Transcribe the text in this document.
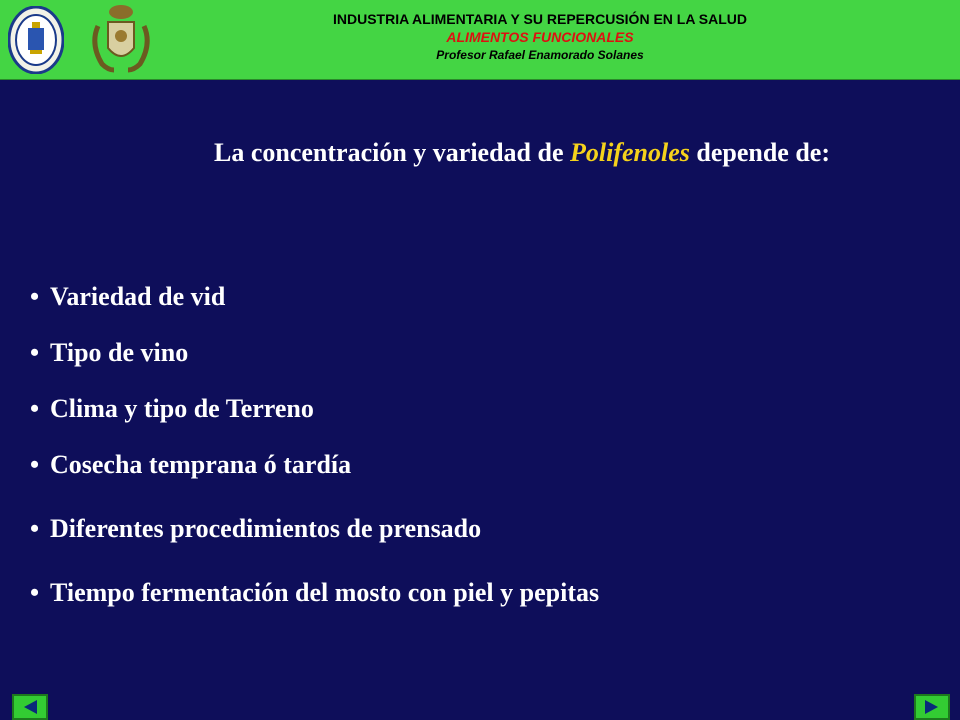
INDUSTRIA ALIMENTARIA Y SU REPERCUSIÓN EN LA SALUD
ALIMENTOS FUNCIONALES
Profesor Rafael Enamorado Solanes
La concentración y variedad de Polifenoles depende de:
• Variedad de vid
• Tipo de vino
• Clima y tipo de Terreno
• Cosecha temprana ó tardía
• Diferentes procedimientos de prensado
• Tiempo fermentación del mosto con piel y pepitas
